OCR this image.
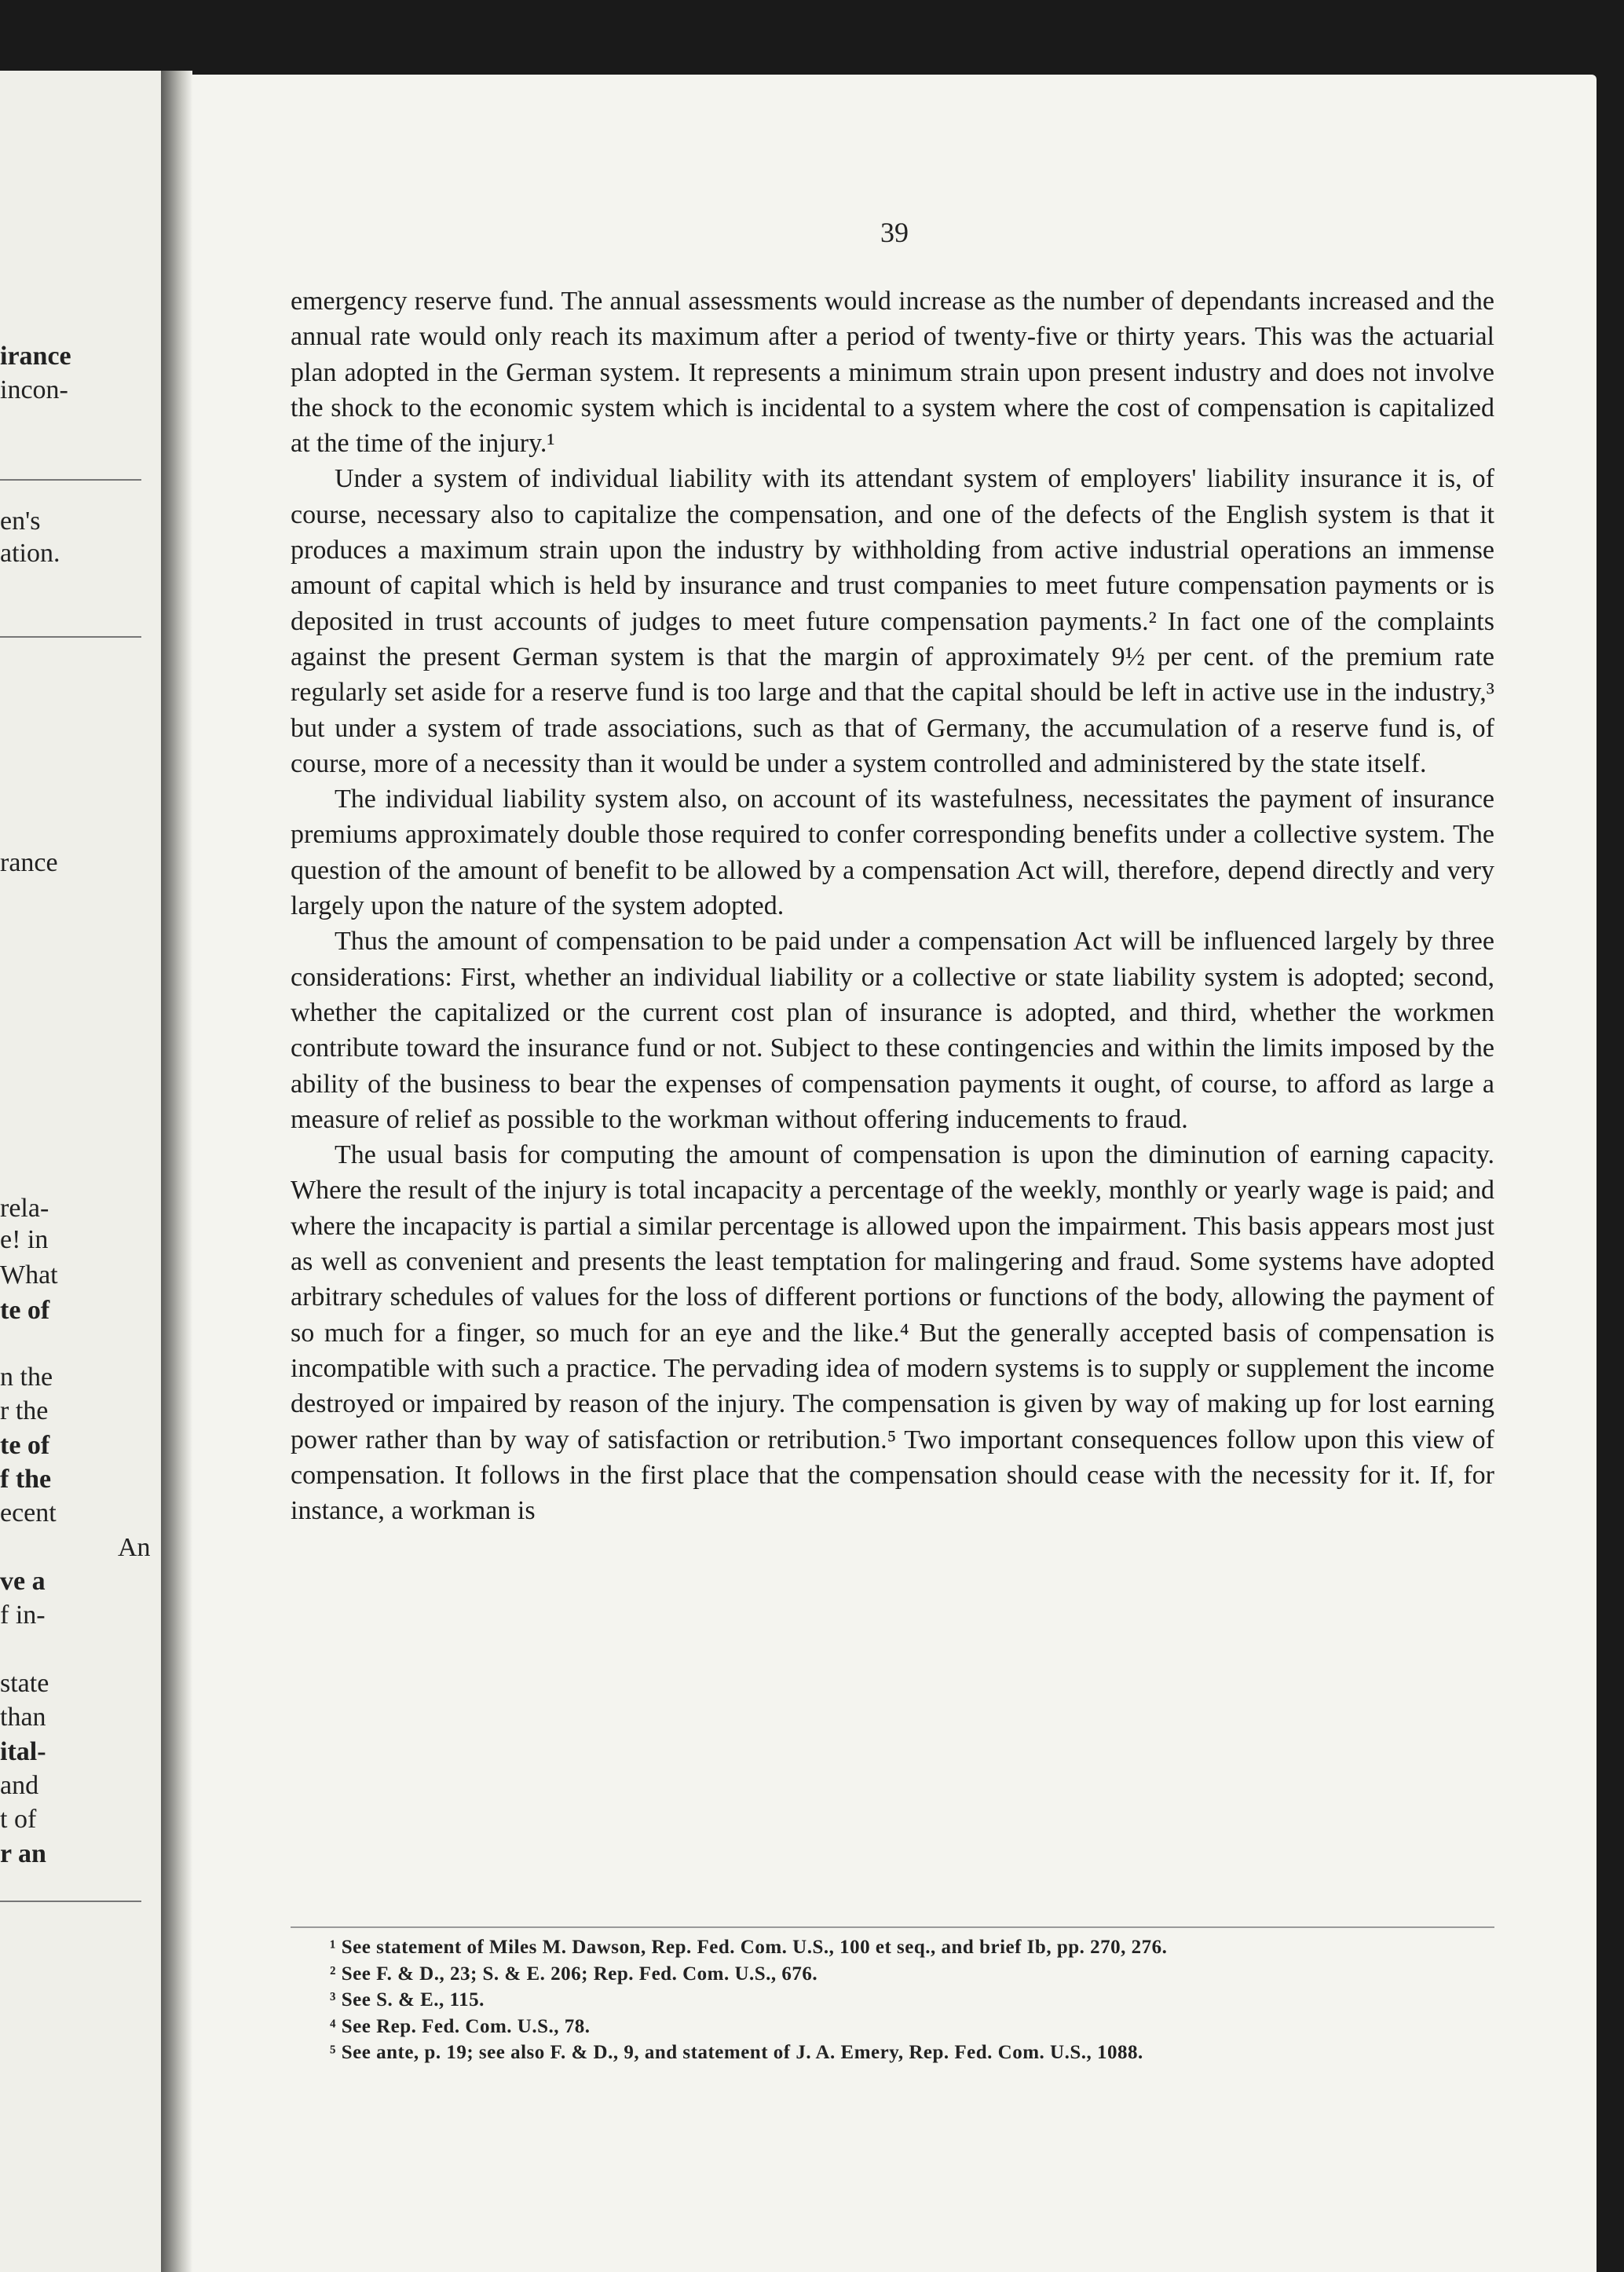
irance
incon-
en's
ation.
rance
rela-
e! in
What
te of
n the
r the
te of
f the
ecent
An
ve a
f in-
state
than
ital-
and
t of
r an
39

emergency reserve fund. The annual assessments would increase as the number of dependants increased and the annual rate would only reach its maximum after a period of twenty-five or thirty years. This was the actuarial plan adopted in the German system. It represents a minimum strain upon present industry and does not involve the shock to the economic system which is incidental to a system where the cost of compensation is capitalized at the time of the injury.¹

Under a system of individual liability with its attendant system of employers' liability insurance it is, of course, necessary also to capitalize the compensation, and one of the defects of the English system is that it produces a maximum strain upon the industry by withholding from active industrial operations an immense amount of capital which is held by insurance and trust companies to meet future compensation payments or is deposited in trust accounts of judges to meet future compensation payments.² In fact one of the complaints against the present German system is that the margin of approximately 9½ per cent. of the premium rate regularly set aside for a reserve fund is too large and that the capital should be left in active use in the industry,³ but under a system of trade associations, such as that of Germany, the accumulation of a reserve fund is, of course, more of a necessity than it would be under a system controlled and administered by the state itself.

The individual liability system also, on account of its wastefulness, necessitates the payment of insurance premiums approximately double those required to confer corresponding benefits under a collective system. The question of the amount of benefit to be allowed by a compensation Act will, therefore, depend directly and very largely upon the nature of the system adopted.

Thus the amount of compensation to be paid under a compensation Act will be influenced largely by three considerations: First, whether an individual liability or a collective or state liability system is adopted; second, whether the capitalized or the current cost plan of insurance is adopted, and third, whether the workmen contribute toward the insurance fund or not. Subject to these contingencies and within the limits imposed by the ability of the business to bear the expenses of compensation payments it ought, of course, to afford as large a measure of relief as possible to the workman without offering inducements to fraud.

The usual basis for computing the amount of compensation is upon the diminution of earning capacity. Where the result of the injury is total incapacity a percentage of the weekly, monthly or yearly wage is paid; and where the incapacity is partial a similar percentage is allowed upon the impairment. This basis appears most just as well as convenient and presents the least temptation for malingering and fraud. Some systems have adopted arbitrary schedules of values for the loss of different portions or functions of the body, allowing the payment of so much for a finger, so much for an eye and the like.⁴ But the generally accepted basis of compensation is incompatible with such a practice. The pervading idea of modern systems is to supply or supplement the income destroyed or impaired by reason of the injury. The compensation is given by way of making up for lost earning power rather than by way of satisfaction or retribution.⁵ Two important consequences follow upon this view of compensation. It follows in the first place that the compensation should cease with the necessity for it. If, for instance, a workman is

¹ See statement of Miles M. Dawson, Rep. Fed. Com. U.S., 100 et seq., and brief Ib, pp. 270, 276.

² See F. & D., 23; S. & E. 206; Rep. Fed. Com. U.S., 676.

³ See S. & E., 115.

⁴ See Rep. Fed. Com. U.S., 78.

⁵ See ante, p. 19; see also F. & D., 9, and statement of J. A. Emery, Rep. Fed. Com. U.S., 1088.
